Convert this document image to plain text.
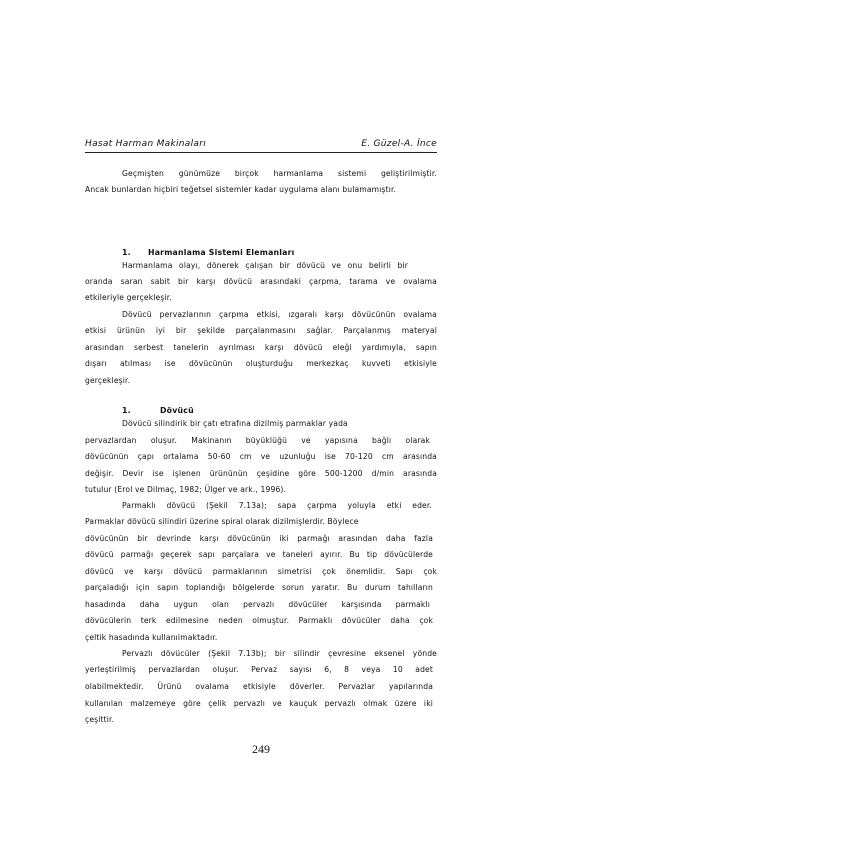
Hasat Harman Makinaları	E. Güzel-A. İnce
Geçmişten günümüze birçok harmanlama sistemi geliştirilmiştir.
Ancak bunlardan hiçbiri teğetsel sistemler kadar uygulama alanı bulamamıştır.
1. Harmanlama Sistemi Elemanları
Harmanlama olayı, dönerek çalışan bir dövücü ve onu belirli bir
oranda saran sabit bir karşı dövücü arasındaki çarpma, tarama ve ovalama
etkileriyle gerçekleşir.
Dövücü pervazlarının çarpma etkisi, ızgaralı karşı dövücünün ovalama
etkisi ürünün iyi bir şekilde parçalanmasını sağlar. Parçalanmış materyal
arasından serbest tanelerin ayrılması karşı dövücü eleği yardımıyla, sapın
dışarı atılması ise dövücünün oluşturduğu merkezkaç kuvveti etkisiyle
gerçekleşir.
1.	Dövücü
Dövücü silindirik bir çatı etrafına dizilmiş parmaklar yada
pervazlardan oluşur. Makinanın büyüklüğü ve yapısına bağlı olarak
dövücünün çapı ortalama 50-60 cm ve uzunluğu ise 70-120 cm arasında
değişir. Devir ise işlenen ürününün çeşidine göre 500-1200 d/min arasında
tutulur (Erol ve Dilmaç, 1982; Ülger ve ark., 1996).
Parmaklı dövücü (Şekil 7.13a); sapa çarpma yoluyla etki eder.
Parmaklar dövücü silindiri üzerine spiral olarak dizilmişlerdir. Böylece
dövücünün bir devrinde karşı dövücünün iki parmağı arasından daha fazla
dövücü parmağı geçerek sapı parçalara ve taneleri ayırır. Bu tip dövücülerde
dövücü ve karşı dövücü parmaklarının simetrisi çok önemlidir. Sapı çok
parçaladığı için sapın toplandığı bölgelerde sorun yaratır. Bu durum tahılların
hasadında daha uygun olan pervazlı dövücüler karşısında parmaklı
dövücülerin terk edilmesine neden olmuştur. Parmaklı dövücüler daha çok
çeltik hasadında kullanılmaktadır.
Pervazlı dövücüler (Şekil 7.13b); bir silindir çevresine eksenel yönde
yerleştirilmiş pervazlardan oluşur. Pervaz sayısı 6, 8 veya 10 adet
olabilmektedir. Ürünü ovalama etkisiyle döverler. Pervazlar yapılarında
kullanılan malzemeye göre çelik pervazlı ve kauçuk pervazlı olmak üzere iki
çeşittir.
249
